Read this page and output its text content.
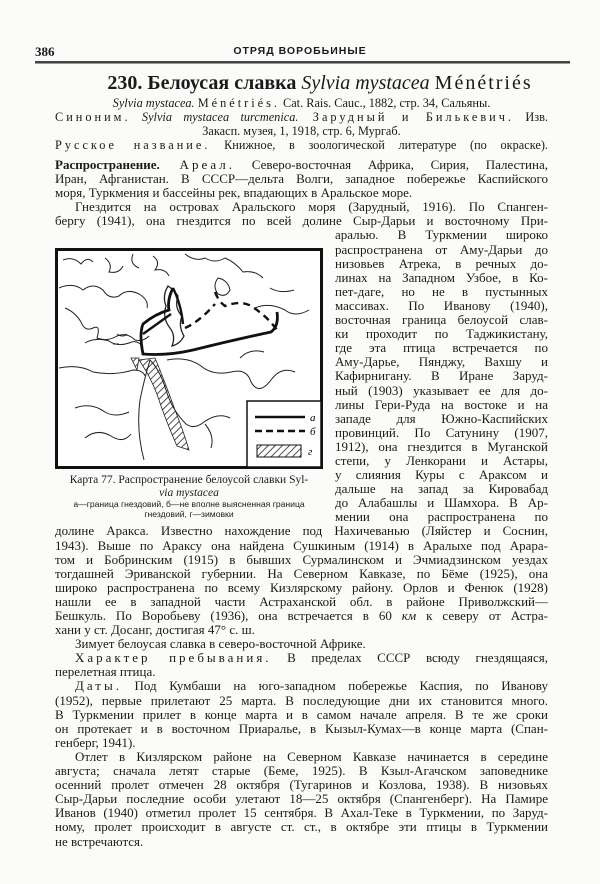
386	ОТРЯД ВОРОБЬИНЫЕ
230. Белоусая славка Sylvia mystacea Ménétriés
Sylvia mystacea. Ménétriés. Cat. Rais. Cauc., 1882, стр. 34, Сальяны.
Синоним. Sylvia mystacea turcmenica. Зарудный и Билькевич. Изв.
Закасп. музея, 1, 1918, стр. 6, Мургаб.
Русское название. Книжное, в зоологической литературе (по окраске).
а
б
г
Карта 77. Распространение белоусой славки Syl-
via mystacea
а—граница гнездовий, б—не вполне выясненная граница
гнездовий, г—зимовки
Распространение. Ареал. Северо-восточная Африка, Сирия, Палестина,
Иран, Афганистан. В СССР—дельта Волги, западное побережье Каспийского
моря, Туркмения и бассейны рек, впадающих в Аральское море.
Гнездится на островах Аральского моря (Зарудный, 1916). По Спанген-
бергу (1941), она гнездится по всей долине Сыр-Дарьи и восточному При-
аралью. В Туркмении широко
распространена от Аму-Дарьи до
низовьев Атрека, в речных до-
линах на Западном Узбое, в Ко-
пет-даге, но не в пустынных
массивах. По Иванову (1940),
восточная граница белоусой слав-
ки проходит по Таджикистану,
где эта птица встречается по
Аму-Дарье, Пянджу, Вахшу и
Кафирнигану. В Иране Заруд-
ный (1903) указывает ее для до-
лины Гери-Руда на востоке и на
западе для Южно-Каспийских
провинций. По Сатунину (1907,
1912), она гнездится в Муганской
степи, у Ленкорани и Астары,
у слияния Куры с Араксом и
дальше на запад за Кировабад
до Алабашлы и Шамхора. В Ар-
мении она распространена по
долине Аракса. Известно нахождение под Нахичеванью (Ляйстер и Соснин,
1943). Выше по Араксу она найдена Сушкиным (1914) в Аралыхе под Арара-
том и Бобринским (1915) в бывших Сурмалинском и Эчмиадзинском уездах
тогдашней Эриванской губернии. На Северном Кавказе, по Бёме (1925), она
широко распространена по всему Кизлярскому району. Орлов и Фенюк (1928)
нашли ее в западной части Астраханской обл. в районе Приволжский—
Бешкуль. По Воробьеву (1936), она встречается в 60 км к северу от Астра-
хани у ст. Досанг, достигая 47° с. ш.
Зимует белоусая славка в северо-восточной Африке.
Характер пребывания. В пределах СССР всюду гнездящаяся,
перелетная птица.
Даты. Под Кумбаши на юго-западном побережье Каспия, по Иванову
(1952), первые прилетают 25 марта. В последующие дни их становится много.
В Туркмении прилет в конце марта и в самом начале апреля. В те же сроки
он протекает и в восточном Приаралье, в Кызыл-Кумах—в конце марта (Спан-
генберг, 1941).
Отлет в Кизлярском районе на Северном Кавказе начинается в середине
августа; сначала летят старые (Беме, 1925). В Кзыл-Агачском заповеднике
осенний пролет отмечен 28 октября (Тугаринов и Козлова, 1938). В низовьях
Сыр-Дарьи последние особи улетают 18—25 октября (Спангенберг). На Памире
Иванов (1940) отметил пролет 15 сентября. В Ахал-Теке в Туркмении, по Заруд-
ному, пролет происходит в августе ст. ст., в октябре эти птицы в Туркмении
не встречаются.
